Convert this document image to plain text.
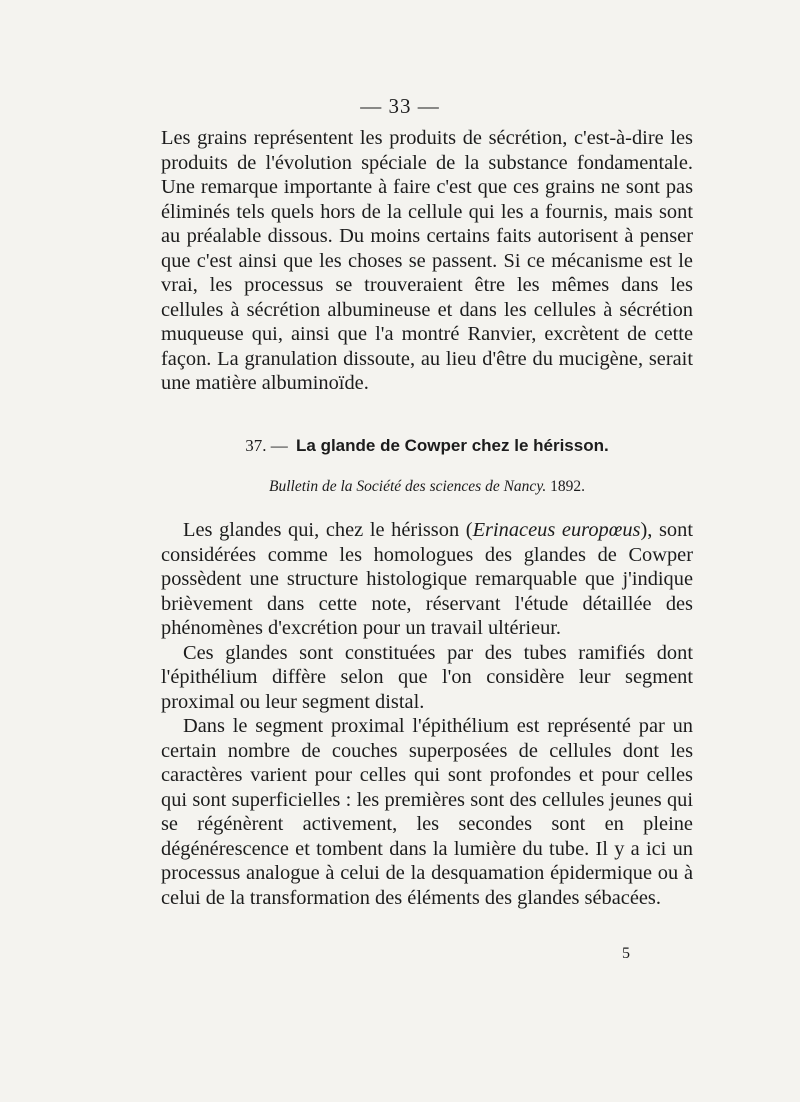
— 33 —

Les grains représentent les produits de sécrétion, c'est-à-dire les produits de l'évolution spéciale de la substance fondamentale. Une remarque importante à faire c'est que ces grains ne sont pas éliminés tels quels hors de la cellule qui les a fournis, mais sont au préalable dissous. Du moins certains faits autorisent à penser que c'est ainsi que les choses se passent. Si ce mécanisme est le vrai, les processus se trouveraient être les mêmes dans les cellules à sécrétion albumineuse et dans les cellules à sécrétion muqueuse qui, ainsi que l'a montré Ranvier, excrètent de cette façon. La granulation dissoute, au lieu d'être du mucigène, serait une matière albuminoïde.

37. — La glande de Cowper chez le hérisson.
Bulletin de la Société des sciences de Nancy. 1892.

Les glandes qui, chez le hérisson (Erinaceus europœus), sont considérées comme les homologues des glandes de Cowper possèdent une structure histologique remarquable que j'indique brièvement dans cette note, réservant l'étude détaillée des phénomènes d'excrétion pour un travail ultérieur.

Ces glandes sont constituées par des tubes ramifiés dont l'épithélium diffère selon que l'on considère leur segment proximal ou leur segment distal.

Dans le segment proximal l'épithélium est représenté par un certain nombre de couches superposées de cellules dont les caractères varient pour celles qui sont profondes et pour celles qui sont superficielles : les premières sont des cellules jeunes qui se régénèrent activement, les secondes sont en pleine dégénérescence et tombent dans la lumière du tube. Il y a ici un processus analogue à celui de la desquamation épidermique ou à celui de la transformation des éléments des glandes sébacées.

5
